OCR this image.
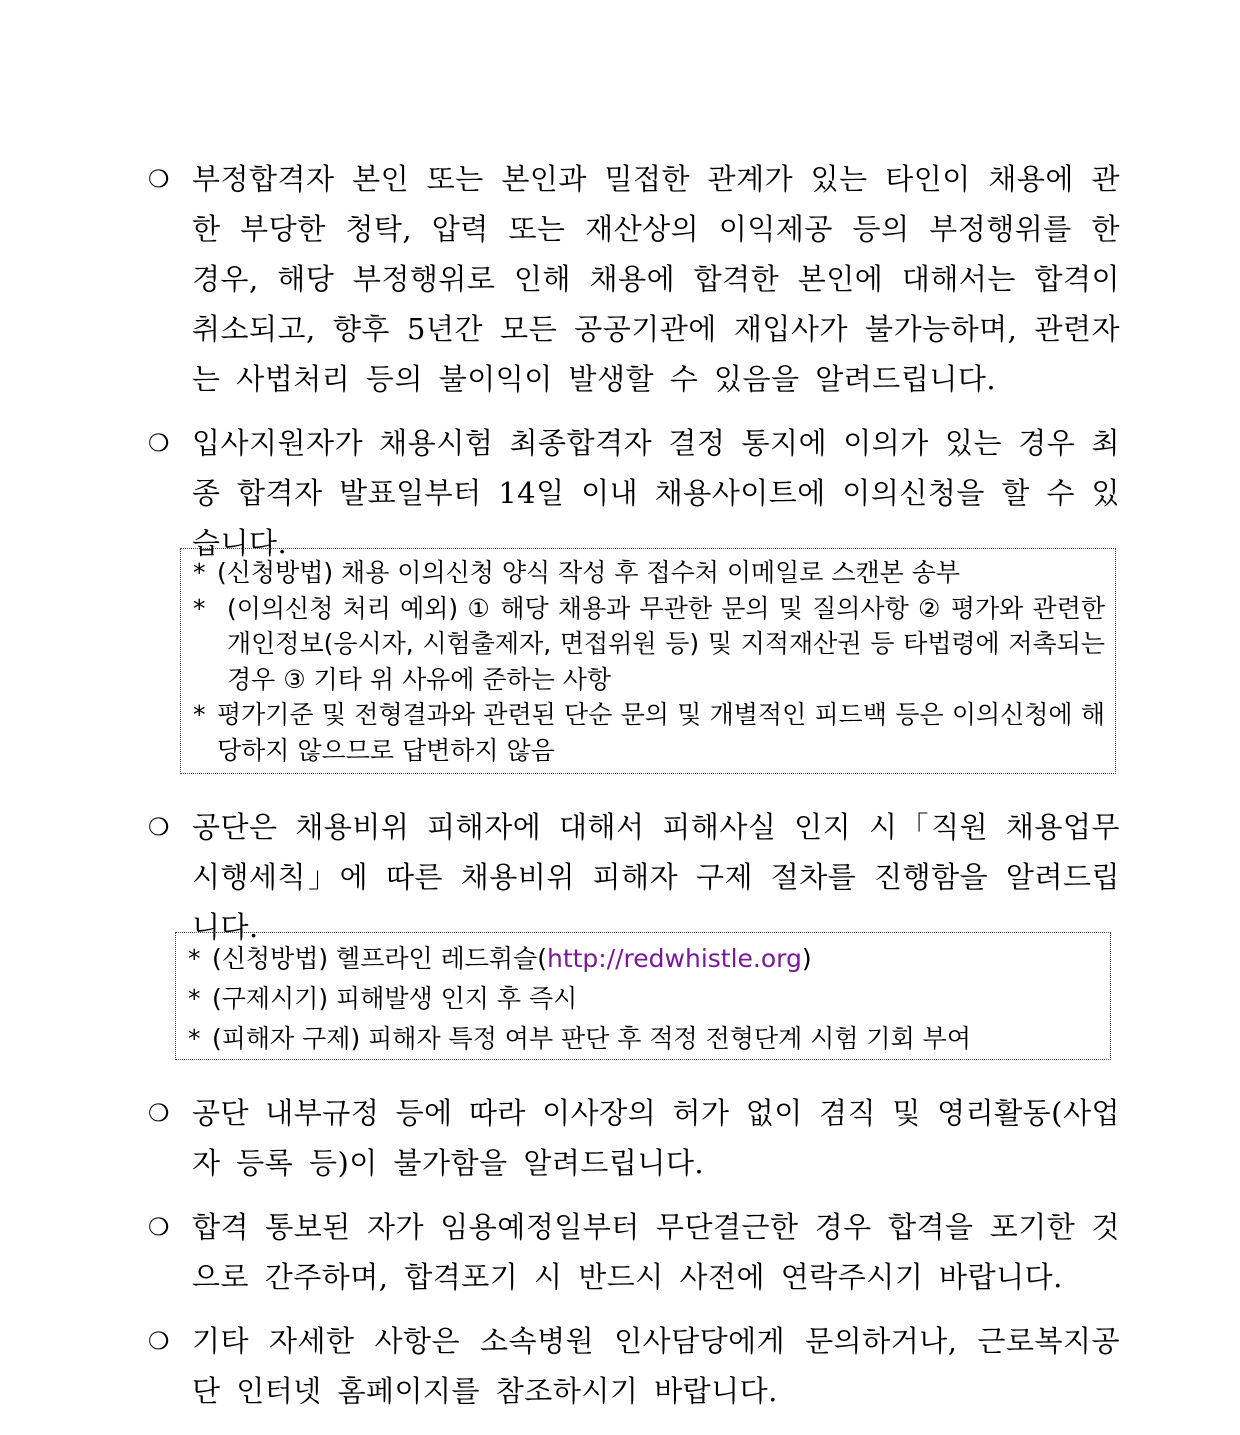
❍ 부정합격자 본인 또는 본인과 밀접한 관계가 있는 타인이 채용에 관한 부당한 청탁, 압력 또는 재산상의 이익제공 등의 부정행위를 한 경우, 해당 부정행위로 인해 채용에 합격한 본인에 대해서는 합격이 취소되고, 향후 5년간 모든 공공기관에 재입사가 불가능하며, 관련자는 사법처리 등의 불이익이 발생할 수 있음을 알려드립니다.
❍ 입사지원자가 채용시험 최종합격자 결정 통지에 이의가 있는 경우 최종 합격자 발표일부터 14일 이내 채용사이트에 이의신청을 할 수 있습니다.
* (신청방법) 채용 이의신청 양식 작성 후 접수처 이메일로 스캔본 송부
* (이의신청 처리 예외) ① 해당 채용과 무관한 문의 및 질의사항 ② 평가와 관련한 개인정보(응시자, 시험출제자, 면접위원 등) 및 지적재산권 등 타법령에 저촉되는 경우 ③ 기타 위 사유에 준하는 사항
* 평가기준 및 전형결과와 관련된 단순 문의 및 개별적인 피드백 등은 이의신청에 해당하지 않으므로 답변하지 않음
❍ 공단은 채용비위 피해자에 대해서 피해사실 인지 시「직원 채용업무 시행세칙」에 따른 채용비위 피해자 구제 절차를 진행함을 알려드립니다.
* (신청방법) 헬프라인 레드휘슬(http://redwhistle.org)
* (구제시기) 피해발생 인지 후 즉시
* (피해자 구제) 피해자 특정 여부 판단 후 적정 전형단계 시험 기회 부여
❍ 공단 내부규정 등에 따라 이사장의 허가 없이 겸직 및 영리활동(사업자 등록 등)이 불가함을 알려드립니다.
❍ 합격 통보된 자가 임용예정일부터 무단결근한 경우 합격을 포기한 것으로 간주하며, 합격포기 시 반드시 사전에 연락주시기 바랍니다.
❍ 기타 자세한 사항은 소속병원 인사담당에게 문의하거나, 근로복지공단 인터넷 홈페이지를 참조하시기 바랍니다.
